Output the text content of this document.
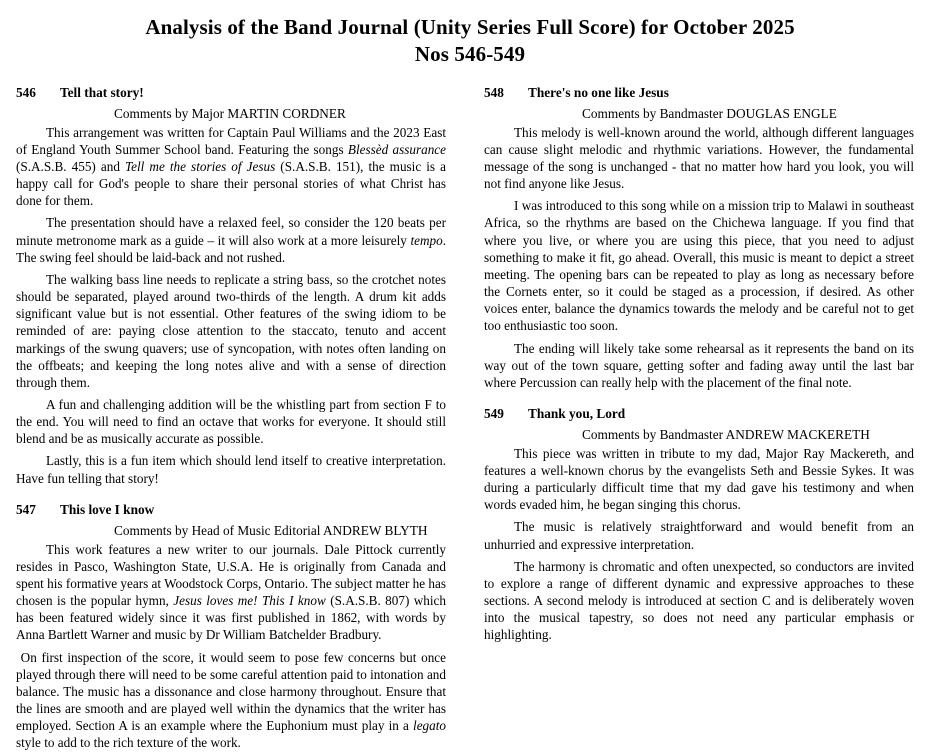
Analysis of the Band Journal (Unity Series Full Score) for October 2025
Nos 546-549
546	Tell that story!
Comments by Major MARTIN CORDNER

This arrangement was written for Captain Paul Williams and the 2023 East of England Youth Summer School band. Featuring the songs Blessèd assurance (S.A.S.B. 455) and Tell me the stories of Jesus (S.A.S.B. 151), the music is a happy call for God's people to share their personal stories of what Christ has done for them.

The presentation should have a relaxed feel, so consider the 120 beats per minute metronome mark as a guide – it will also work at a more leisurely tempo. The swing feel should be laid-back and not rushed.

The walking bass line needs to replicate a string bass, so the crotchet notes should be separated, played around two-thirds of the length. A drum kit adds significant value but is not essential. Other features of the swing idiom to be reminded of are: paying close attention to the staccato, tenuto and accent markings of the swung quavers; use of syncopation, with notes often landing on the offbeats; and keeping the long notes alive and with a sense of direction through them.

A fun and challenging addition will be the whistling part from section F to the end. You will need to find an octave that works for everyone. It should still blend and be as musically accurate as possible.

Lastly, this is a fun item which should lend itself to creative interpretation. Have fun telling that story!

547	This love I know
Comments by Head of Music Editorial ANDREW BLYTH

This work features a new writer to our journals. Dale Pittock currently resides in Pasco, Washington State, U.S.A. He is originally from Canada and spent his formative years at Woodstock Corps, Ontario. The subject matter he has chosen is the popular hymn, Jesus loves me! This I know (S.A.S.B. 807) which has been featured widely since it was first published in 1862, with words by Anna Bartlett Warner and music by Dr William Batchelder Bradbury.

On first inspection of the score, it would seem to pose few concerns but once played through there will need to be some careful attention paid to intonation and balance. The music has a dissonance and close harmony throughout. Ensure that the lines are smooth and are played well within the dynamics that the writer has employed. Section A is an example where the Euphonium must play in a legato style to add to the rich texture of the work.

548	There's no one like Jesus
Comments by Bandmaster DOUGLAS ENGLE

This melody is well-known around the world, although different languages can cause slight melodic and rhythmic variations. However, the fundamental message of the song is unchanged - that no matter how hard you look, you will not find anyone like Jesus.

I was introduced to this song while on a mission trip to Malawi in southeast Africa, so the rhythms are based on the Chichewa language. If you find that where you live, or where you are using this piece, that you need to adjust something to make it fit, go ahead. Overall, this music is meant to depict a street meeting. The opening bars can be repeated to play as long as necessary before the Cornets enter, so it could be staged as a procession, if desired. As other voices enter, balance the dynamics towards the melody and be careful not to get too enthusiastic too soon.

The ending will likely take some rehearsal as it represents the band on its way out of the town square, getting softer and fading away until the last bar where Percussion can really help with the placement of the final note.

549	Thank you, Lord
Comments by Bandmaster ANDREW MACKERETH

This piece was written in tribute to my dad, Major Ray Mackereth, and features a well-known chorus by the evangelists Seth and Bessie Sykes. It was during a particularly difficult time that my dad gave his testimony and when words evaded him, he began singing this chorus.

The music is relatively straightforward and would benefit from an unhurried and expressive interpretation.

The harmony is chromatic and often unexpected, so conductors are invited to explore a range of different dynamic and expressive approaches to these sections. A second melody is introduced at section C and is deliberately woven into the musical tapestry, so does not need any particular emphasis or highlighting.
